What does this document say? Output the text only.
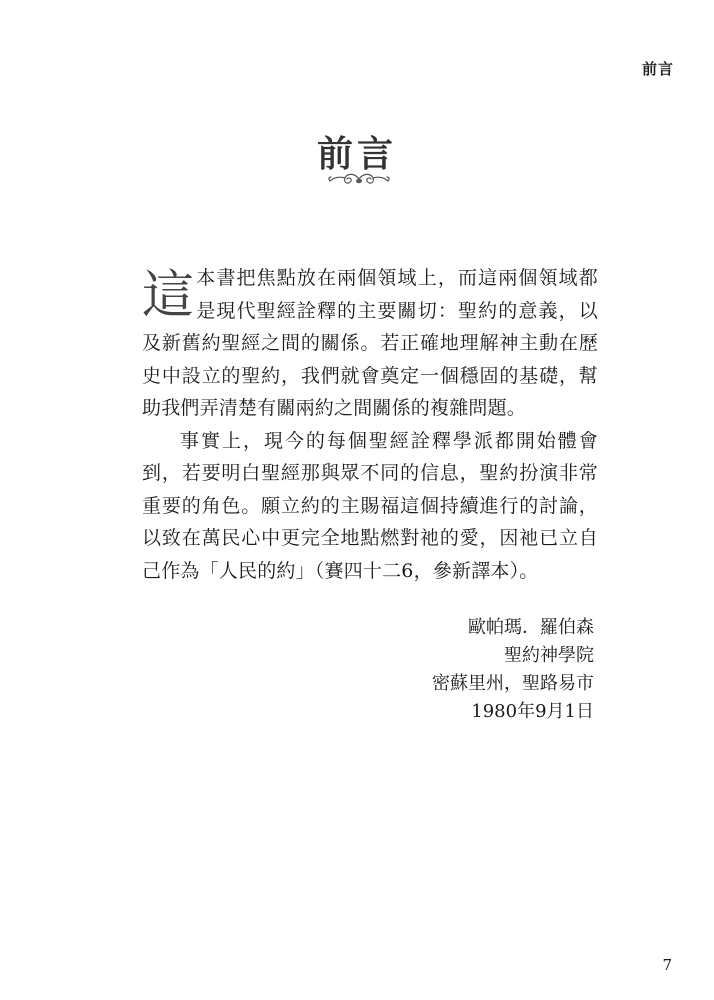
前言
前言

這本書把焦點放在兩個領域上，而這兩個領域都是現代聖經詮釋的主要關切：聖約的意義，以及新舊約聖經之間的關係。若正確地理解神主動在歷史中設立的聖約，我們就會奠定一個穩固的基礎，幫助我們弄清楚有關兩約之間關係的複雜問題。

事實上，現今的每個聖經詮釋學派都開始體會到，若要明白聖經那與眾不同的信息，聖約扮演非常重要的角色。願立約的主賜福這個持續進行的討論，以致在萬民心中更完全地點燃對祂的愛，因祂已立自己作為「人民的約」（賽四十二6，參新譯本）。

歐帕瑪．羅伯森
聖約神學院
密蘇里州，聖路易市
1980年9月1日
7
